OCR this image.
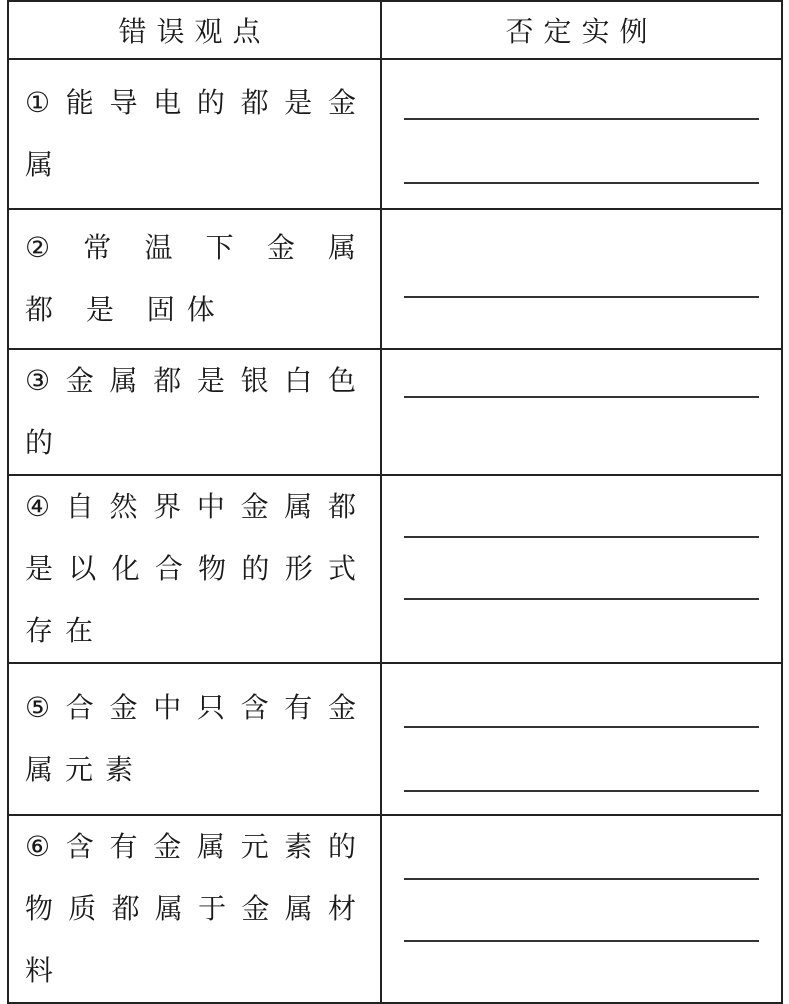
错误观点	否定实例
①能导电的都是金属	

② 常 温 下 金 属 都 是 固体	

③金属都是银白色的	

④自然界中金属都是以化合物的形式存在	

⑤合金中只含有金属元素	

⑥含有金属元素的物质都属于金属材料	
